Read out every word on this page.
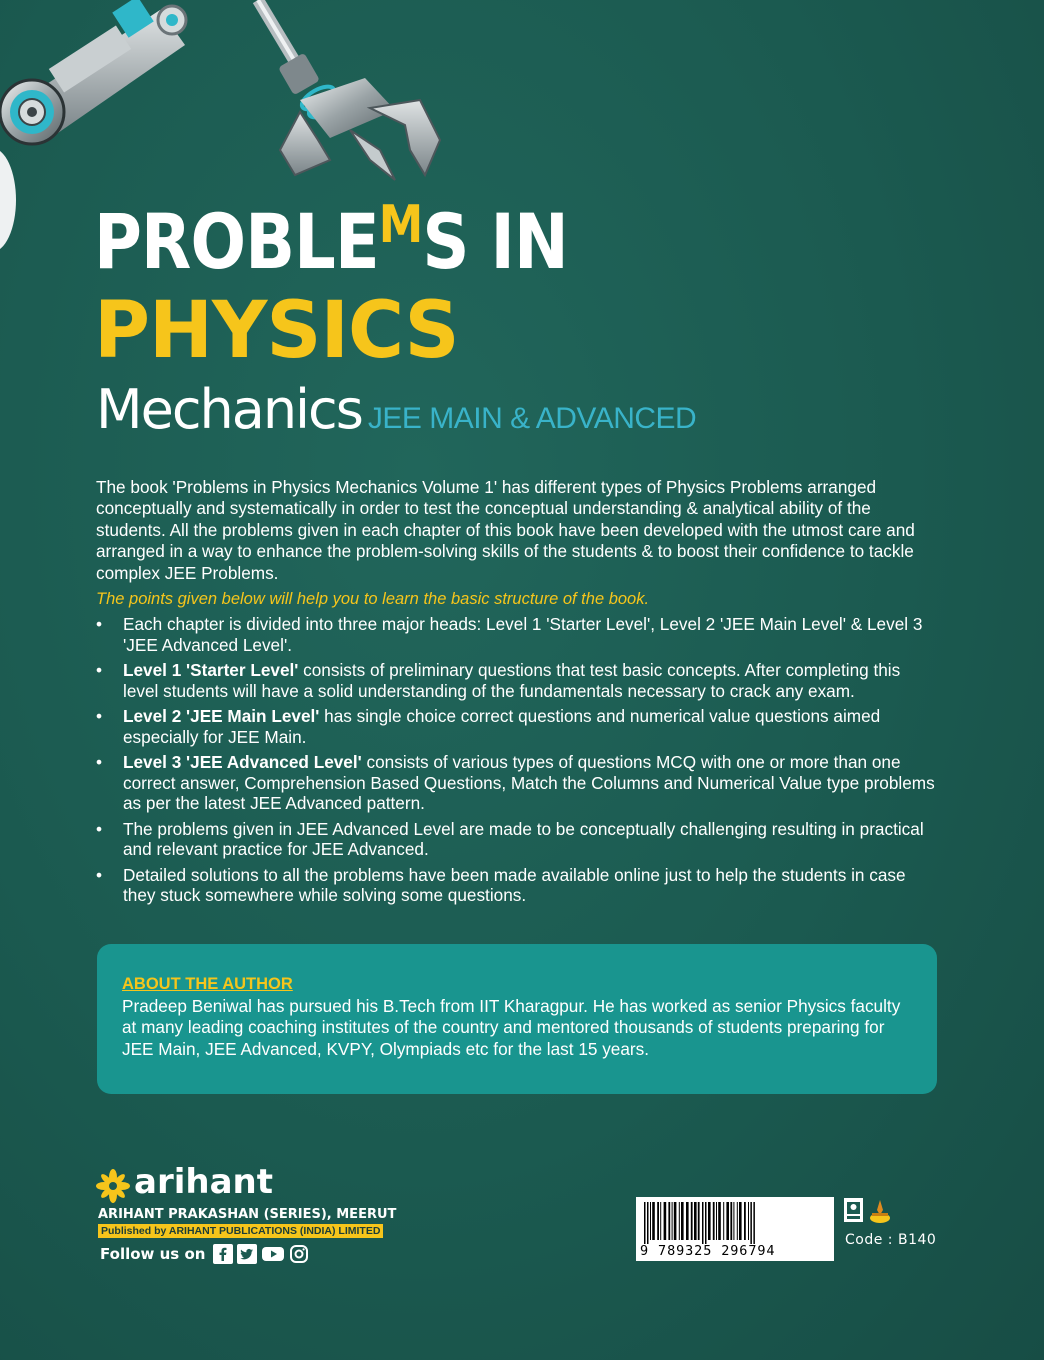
PROBLEMS IN
PHYSICS
Mechanics JEE MAIN & ADVANCED

The book 'Problems in Physics Mechanics Volume 1' has different types of Physics Problems arranged conceptually and systematically in order to test the conceptual understanding & analytical ability of the students. All the problems given in each chapter of this book have been developed with the utmost care and arranged in a way to enhance the problem-solving skills of the students & to boost their confidence to tackle complex JEE Problems.

The points given below will help you to learn the basic structure of the book.

• Each chapter is divided into three major heads: Level 1 'Starter Level', Level 2 'JEE Main Level' & Level 3 'JEE Advanced Level'.
• Level 1 'Starter Level' consists of preliminary questions that test basic concepts. After completing this level students will have a solid understanding of the fundamentals necessary to crack any exam.
• Level 2 'JEE Main Level' has single choice correct questions and numerical value questions aimed especially for JEE Main.
• Level 3 'JEE Advanced Level' consists of various types of questions MCQ with one or more than one correct answer, Comprehension Based Questions, Match the Columns and Numerical Value type problems as per the latest JEE Advanced pattern.
• The problems given in JEE Advanced Level are made to be conceptually challenging resulting in practical and relevant practice for JEE Advanced.
• Detailed solutions to all the problems have been made available online just to help the students in case they stuck somewhere while solving some questions.

ABOUT THE AUTHOR

Pradeep Beniwal has pursued his B.Tech from IIT Kharagpur. He has worked as senior Physics faculty at many leading coaching institutes of the country and mentored thousands of students preparing for JEE Main, JEE Advanced, KVPY, Olympiads etc for the last 15 years.

arihant
ARIHANT PRAKASHAN (SERIES), MEERUT
Published by ARIHANT PUBLICATIONS (INDIA) LIMITED
Follow us on	9 789325 296794
Code : B140
